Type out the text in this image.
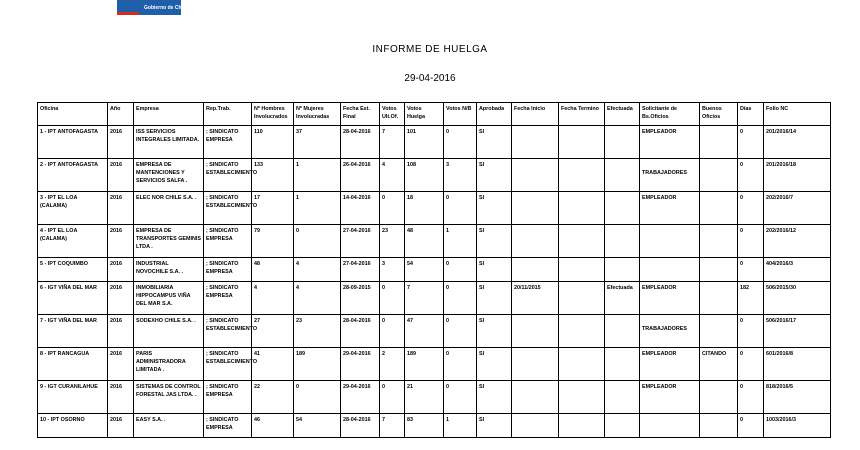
Gobierno de Chile
INFORME DE HUELGA
29-04-2016
Oficina	Año	Empresa	Rep.Trab.	Nº Hombres Involucrados	Nº Mujeres Involucradas	Fecha Est. Final	Votos Ult.Of.	Votos Huelga	Votos N/B	Aprobada	Fecha Inicio	Fecha Termino	Efectuada	Solicitante de Bs.Oficios	Buenos Oficios	Días	Folio NC
1 - IPT ANTOFAGASTA	2016	ISS SERVICIOS INTEGRALES LIMITADA.	; SINDICATO EMPRESA	110	37	28-04-2016	7	101	0	SI				EMPLEADOR		0	201/2016/14
2 - IPT ANTOFAGASTA	2016	EMPRESA DE MANTENCIONES Y SERVICIOS SALFA .	; SINDICATO ESTABLECIMIENTO	133	1	26-04-2016	4	108	3	SI				TRABAJADORES		0	201/2016/18
3 - IPT EL LOA (CALAMA)	2016	ELEC NOR CHILE S.A. .	; SINDICATO ESTABLECIMIENTO	17	1	14-04-2016	0	18	0	SI				EMPLEADOR		0	202/2016/7
4 - IPT EL LOA (CALAMA)	2016	EMPRESA DE TRANSPORTES GEMINIS LTDA .	; SINDICATO EMPRESA	79	0	27-04-2016	23	48	1	SI						0	202/2016/12
5 - IPT COQUIMBO	2016	INDUSTRIAL NOVOCHILE S.A. .	; SINDICATO EMPRESA	48	4	27-04-2016	3	54	0	SI						0	404/2016/3
6 - IGT VIÑA DEL MAR	2016	INMOBILIARIA HIPPOCAMPUS VIÑA DEL MAR S.A.	; SINDICATO EMPRESA	4	4	28-09-2015	0	7	0	SI	20/11/2015		Efectuada	EMPLEADOR		182	506/2015/30
7 - IGT VIÑA DEL MAR	2016	SODEXHO CHILE S.A. .	; SINDICATO ESTABLECIMIENTO	27	23	28-04-2016	0	47	0	SI				TRABAJADORES		0	506/2016/17
8 - IPT RANCAGUA	2016	PARIS ADMINISTRADORA LIMITADA .	; SINDICATO ESTABLECIMIENTO	41	189	29-04-2016	2	189	0	SI				EMPLEADOR	CITANDO	0	601/2016/8
9 - IGT CURANILAHUE	2016	SISTEMAS DE CONTROL FORESTAL JAS LTDA. .	; SINDICATO EMPRESA	22	0	29-04-2016	0	21	0	SI				EMPLEADOR		0	818/2016/5
10 - IPT OSORNO	2016	EASY S.A. .	; SINDICATO EMPRESA	46	54	28-04-2016	7	83	1	SI						0	1003/2016/3
